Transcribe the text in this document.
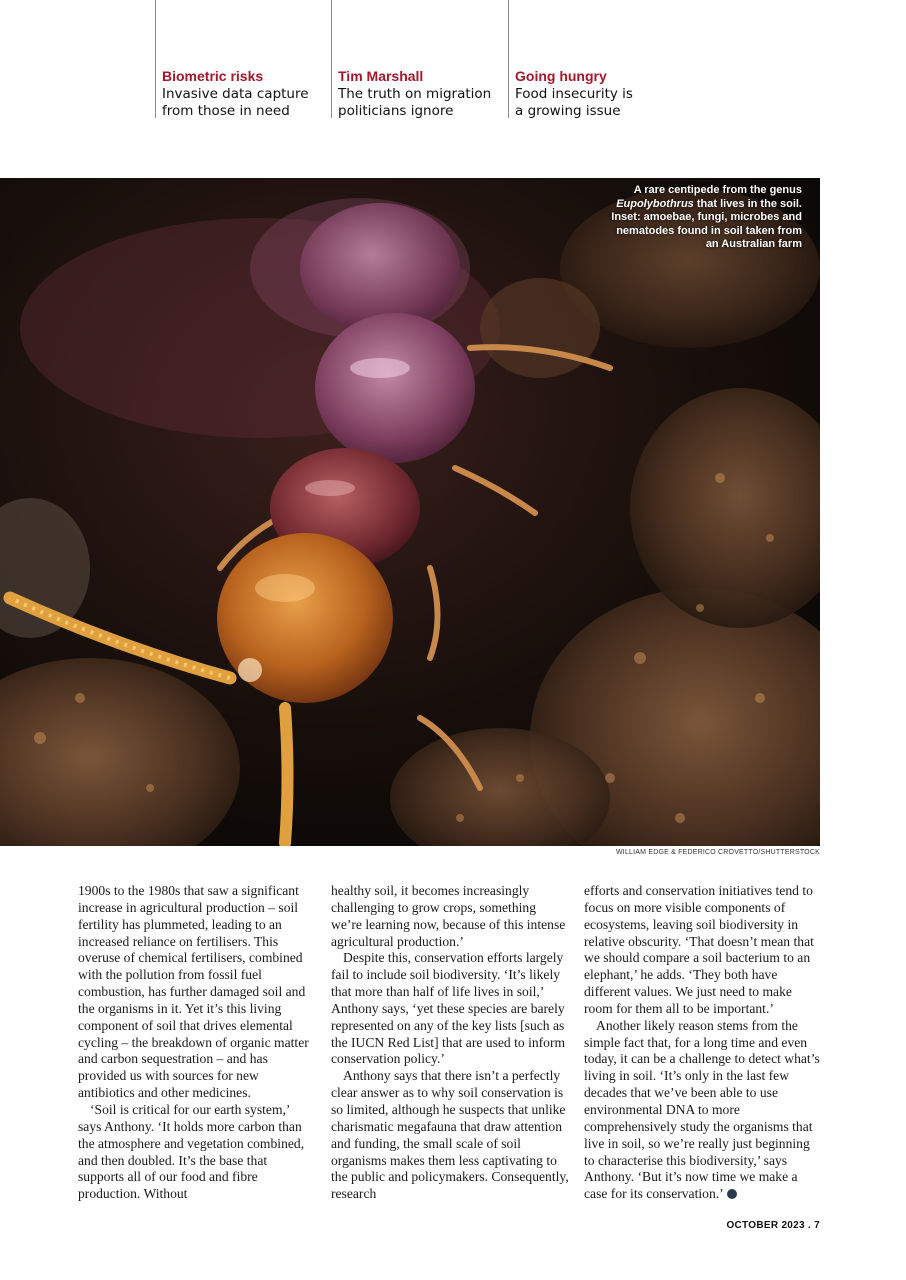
Biometric risks
Invasive data capture
from those in need
Tim Marshall
The truth on migration
politicians ignore
Going hungry
Food insecurity is
a growing issue
A rare centipede from the genus Eupolybothrus that lives in the soil. Inset: amoebae, fungi, microbes and nematodes found in soil taken from an Australian farm
WILLIAM EDGE & FEDERICO CROVETTO/SHUTTERSTOCK

1900s to the 1980s that saw a significant increase in agricultural production – soil fertility has plummeted, leading to an increased reliance on fertilisers. This overuse of chemical fertilisers, combined with the pollution from fossil fuel combustion, has further damaged soil and the organisms in it. Yet it’s this living component of soil that drives elemental cycling – the breakdown of organic matter and carbon sequestration – and has provided us with sources for new antibiotics and other medicines.

‘Soil is critical for our earth system,’ says Anthony. ‘It holds more carbon than the atmosphere and vegetation combined, and then doubled. It’s the base that supports all of our food and fibre production. Without

healthy soil, it becomes increasingly challenging to grow crops, something we’re learning now, because of this intense agricultural production.’

Despite this, conservation efforts largely fail to include soil biodiversity. ‘It’s likely that more than half of life lives in soil,’ Anthony says, ‘yet these species are barely represented on any of the key lists [such as the IUCN Red List] that are used to inform conservation policy.’

Anthony says that there isn’t a perfectly clear answer as to why soil conservation is so limited, although he suspects that unlike charismatic megafauna that draw attention and funding, the small scale of soil organisms makes them less captivating to the public and policymakers. Consequently, research

efforts and conservation initiatives tend to focus on more visible components of ecosystems, leaving soil biodiversity in relative obscurity. ‘That doesn’t mean that we should compare a soil bacterium to an elephant,’ he adds. ‘They both have different values. We just need to make room for them all to be important.’

Another likely reason stems from the simple fact that, for a long time and even today, it can be a challenge to detect what’s living in soil. ‘It’s only in the last few decades that we’ve been able to use environmental DNA to more comprehensively study the organisms that live in soil, so we’re really just beginning to characterise this biodiversity,’ says Anthony. ‘But it’s now time we make a case for its conservation.’

OCTOBER 2023 . 7
